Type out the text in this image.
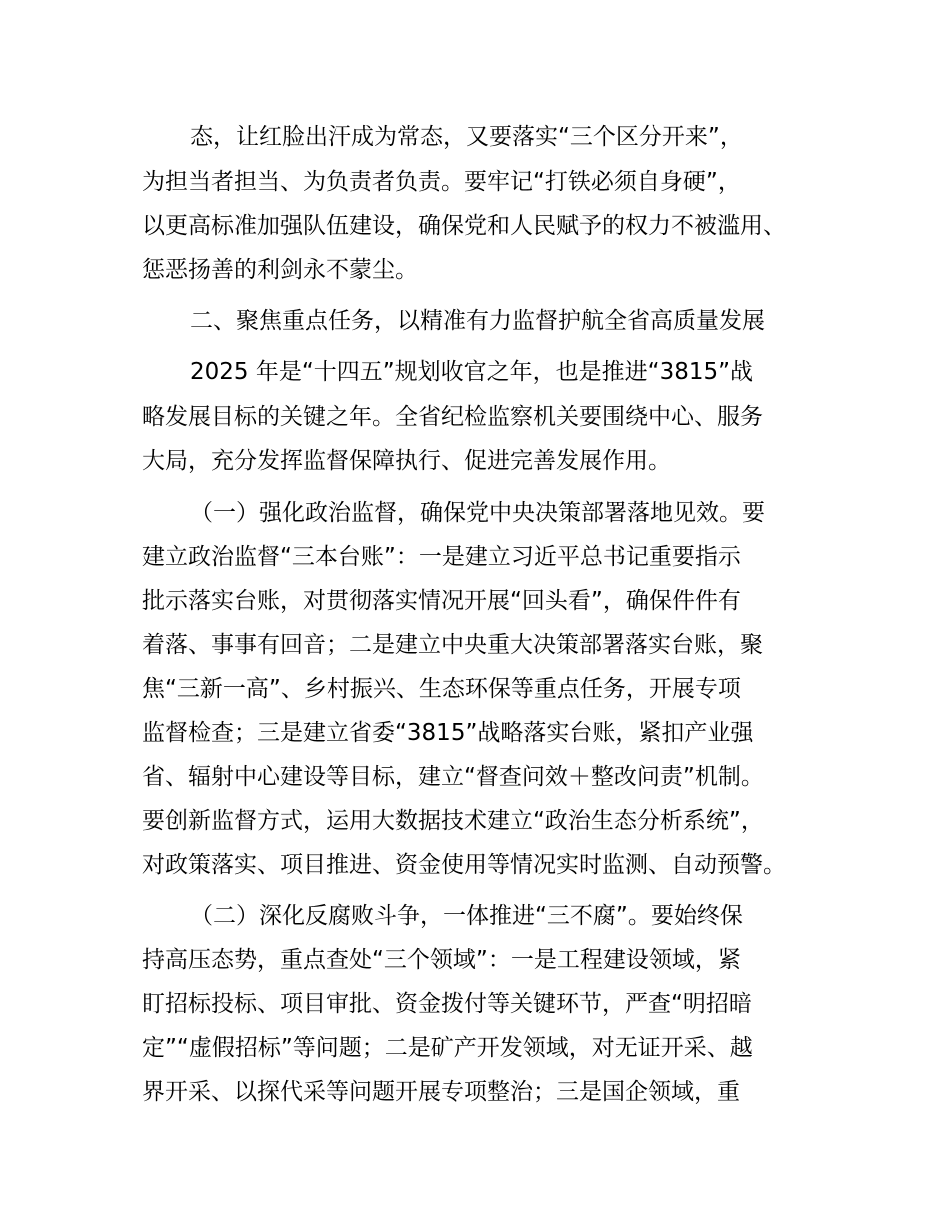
态，让红脸出汗成为常态，又要落实“三个区分开来”，
为担当者担当、为负责者负责。要牢记“打铁必须自身硬”，
以更高标准加强队伍建设，确保党和人民赋予的权力不被滥用、
惩恶扬善的利剑永不蒙尘。
二、聚焦重点任务，以精准有力监督护航全省高质量发展
2025 年是“十四五”规划收官之年，也是推进“3815”战
略发展目标的关键之年。全省纪检监察机关要围绕中心、服务
大局，充分发挥监督保障执行、促进完善发展作用。
（一）强化政治监督，确保党中央决策部署落地见效。要
建立政治监督“三本台账”：一是建立习近平总书记重要指示
批示落实台账，对贯彻落实情况开展“回头看”，确保件件有
着落、事事有回音；二是建立中央重大决策部署落实台账，聚
焦“三新一高”、乡村振兴、生态环保等重点任务，开展专项
监督检查；三是建立省委“3815”战略落实台账，紧扣产业强
省、辐射中心建设等目标，建立“督查问效＋整改问责”机制。
要创新监督方式，运用大数据技术建立“政治生态分析系统”，
对政策落实、项目推进、资金使用等情况实时监测、自动预警。
（二）深化反腐败斗争，一体推进“三不腐”。要始终保
持高压态势，重点查处“三个领域”：一是工程建设领域，紧
盯招标投标、项目审批、资金拨付等关键环节，严查“明招暗
定”“虚假招标”等问题；二是矿产开发领域，对无证开采、越
界开采、以探代采等问题开展专项整治；三是国企领域，重
